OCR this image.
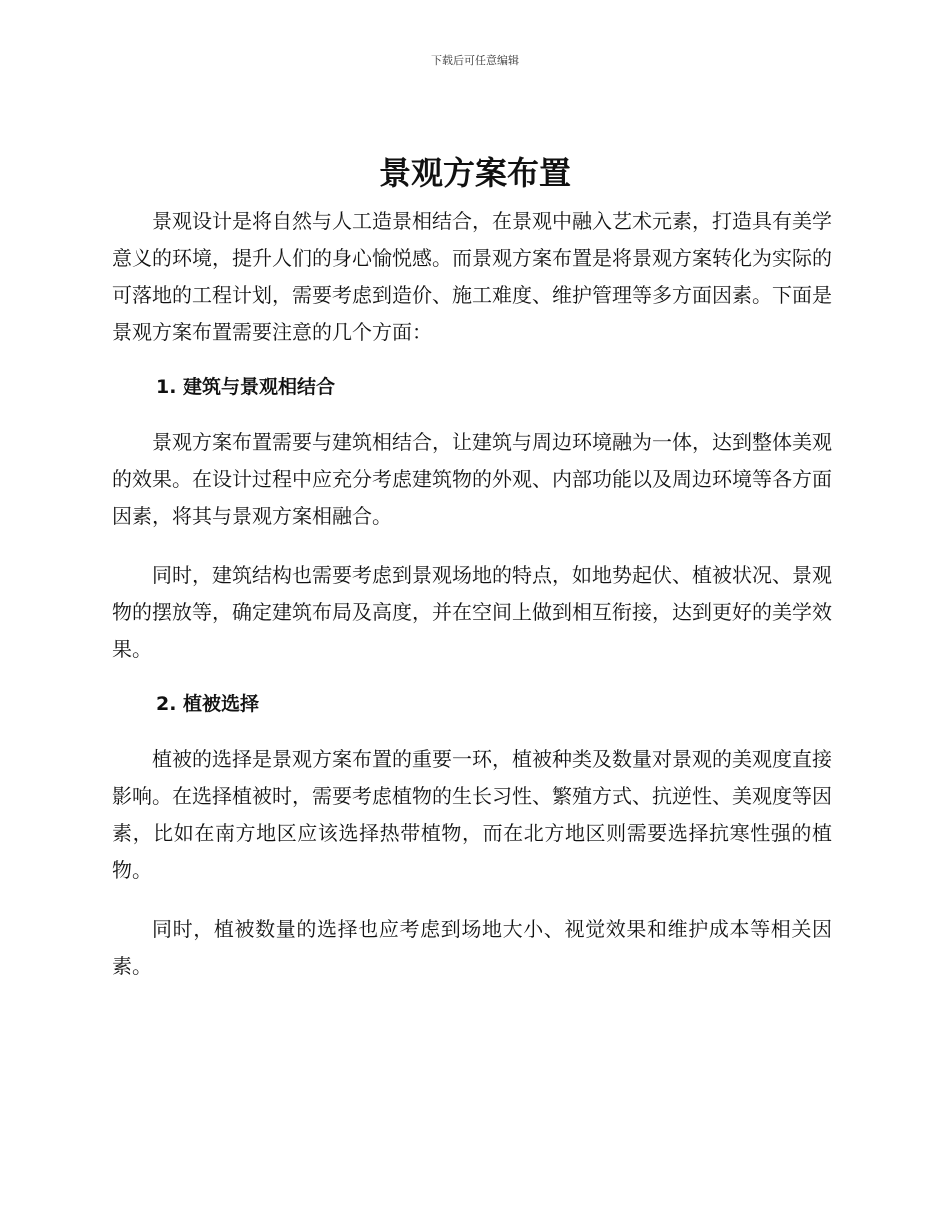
下载后可任意编辑
景观方案布置

景观设计是将自然与人工造景相结合，在景观中融入艺术元素，打造具有美学意义的环境，提升人们的身心愉悦感。而景观方案布置是将景观方案转化为实际的可落地的工程计划，需要考虑到造价、施工难度、维护管理等多方面因素。下面是景观方案布置需要注意的几个方面：

1. 建筑与景观相结合

景观方案布置需要与建筑相结合，让建筑与周边环境融为一体，达到整体美观的效果。在设计过程中应充分考虑建筑物的外观、内部功能以及周边环境等各方面因素，将其与景观方案相融合。

同时，建筑结构也需要考虑到景观场地的特点，如地势起伏、植被状况、景观物的摆放等，确定建筑布局及高度，并在空间上做到相互衔接，达到更好的美学效果。

2. 植被选择

植被的选择是景观方案布置的重要一环，植被种类及数量对景观的美观度直接影响。在选择植被时，需要考虑植物的生长习性、繁殖方式、抗逆性、美观度等因素，比如在南方地区应该选择热带植物，而在北方地区则需要选择抗寒性强的植物。

同时，植被数量的选择也应考虑到场地大小、视觉效果和维护成本等相关因素。
